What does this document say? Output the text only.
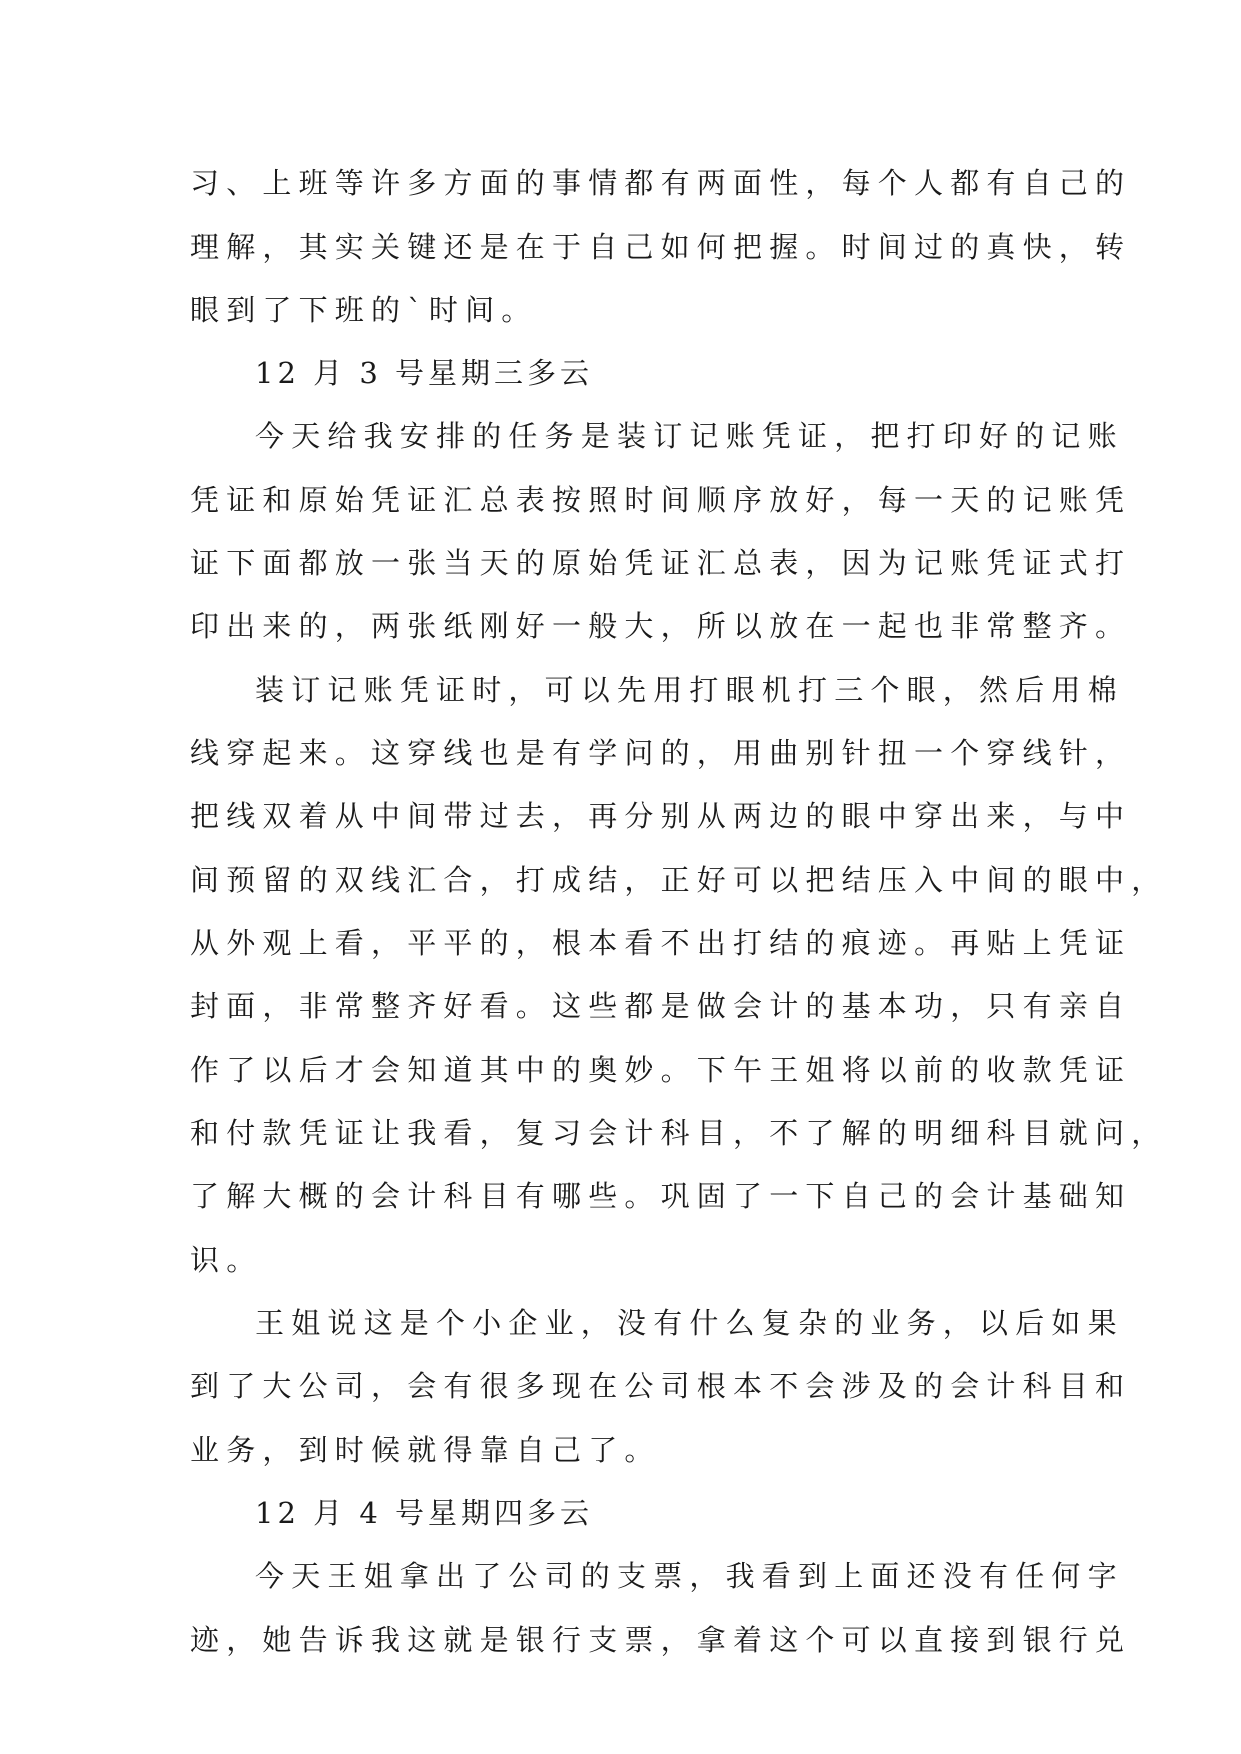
习、上班等许多方面的事情都有两面性，每个人都有自己的
理解，其实关键还是在于自己如何把握。时间过的真快，转
眼到了下班的`时间。
12 月 3 号星期三多云
今天给我安排的任务是装订记账凭证，把打印好的记账
凭证和原始凭证汇总表按照时间顺序放好，每一天的记账凭
证下面都放一张当天的原始凭证汇总表，因为记账凭证式打
印出来的，两张纸刚好一般大，所以放在一起也非常整齐。
装订记账凭证时，可以先用打眼机打三个眼，然后用棉
线穿起来。这穿线也是有学问的，用曲别针扭一个穿线针，
把线双着从中间带过去，再分别从两边的眼中穿出来，与中
间预留的双线汇合，打成结，正好可以把结压入中间的眼中，
从外观上看，平平的，根本看不出打结的痕迹。再贴上凭证
封面，非常整齐好看。这些都是做会计的基本功，只有亲自
作了以后才会知道其中的奥妙。下午王姐将以前的收款凭证
和付款凭证让我看，复习会计科目，不了解的明细科目就问，
了解大概的会计科目有哪些。巩固了一下自己的会计基础知
识。
王姐说这是个小企业，没有什么复杂的业务，以后如果
到了大公司，会有很多现在公司根本不会涉及的会计科目和
业务，到时候就得靠自己了。
12 月 4 号星期四多云
今天王姐拿出了公司的支票，我看到上面还没有任何字
迹，她告诉我这就是银行支票，拿着这个可以直接到银行兑
